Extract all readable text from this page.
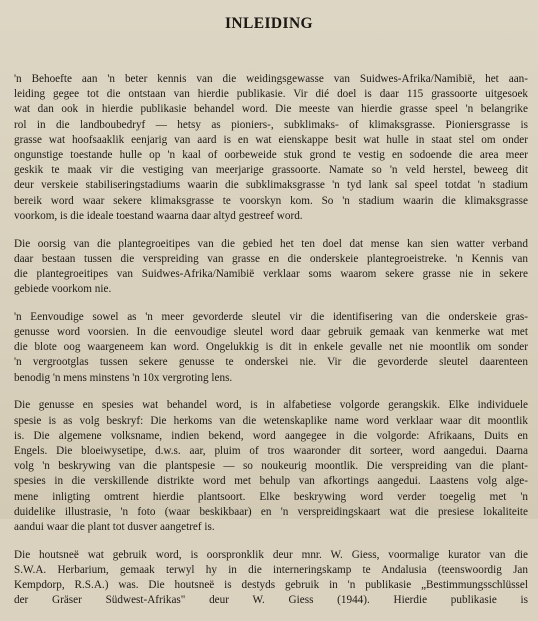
INLEIDING
'n Behoefte aan 'n beter kennis van die weidingsgewasse van Suidwes-Afrika/Namibië, het aan-
leiding gegee tot die ontstaan van hierdie publikasie. Vir dié doel is daar 115 grassoorte uitgesoek
wat dan ook in hierdie publikasie behandel word. Die meeste van hierdie grasse speel 'n belangrike
rol in die landboubedryf — hetsy as pioniers-, subklimaks- of klimaksgrasse. Pioniersgrasse is
grasse wat hoofsaaklik eenjarig van aard is en wat eienskappe besit wat hulle in staat stel om onder
ongunstige toestande hulle op 'n kaal of oorbeweide stuk grond te vestig en sodoende die area meer
geskik te maak vir die vestiging van meerjarige grassoorte. Namate so 'n veld herstel, beweeg dit
deur verskeie stabiliseringstadiums waarin die subklimaksgrasse 'n tyd lank sal speel totdat 'n stadium
bereik word waar sekere klimaksgrasse te voorskyn kom. So 'n stadium waarin die klimaksgrasse
voorkom, is die ideale toestand waarna daar altyd gestreef word.
Die oorsig van die plantegroeitipes van die gebied het ten doel dat mense kan sien watter verband
daar bestaan tussen die verspreiding van grasse en die onderskeie plantegroeistreke. 'n Kennis van
die plantegroeitipes van Suidwes-Afrika/Namibië verklaar soms waarom sekere grasse nie in sekere
gebiede voorkom nie.
'n Eenvoudige sowel as 'n meer gevorderde sleutel vir die identifisering van die onderskeie gras-
genusse word voorsien. In die eenvoudige sleutel word daar gebruik gemaak van kenmerke wat met
die blote oog waargeneem kan word. Ongelukkig is dit in enkele gevalle net nie moontlik om sonder
'n vergrootglas tussen sekere genusse te onderskei nie. Vir die gevorderde sleutel daarenteen
benodig 'n mens minstens 'n 10x vergroting lens.
Die genusse en spesies wat behandel word, is in alfabetiese volgorde gerangskik. Elke individuele
spesie is as volg beskryf: Die herkoms van die wetenskaplike name word verklaar waar dit moontlik
is. Die algemene volksname, indien bekend, word aangegee in die volgorde: Afrikaans, Duits en
Engels. Die bloeiwysetipe, d.w.s. aar, pluim of tros waaronder dit sorteer, word aangedui. Daarna
volg 'n beskrywing van die plantspesie — so noukeurig moontlik. Die verspreiding van die plant-
spesies in die verskillende distrikte word met behulp van afkortings aangedui. Laastens volg alge-
mene inligting omtrent hierdie plantsoort. Elke beskrywing word verder toegelig met 'n
duidelike illustrasie, 'n foto (waar beskikbaar) en 'n verspreidingskaart wat die presiese lokaliteite
aandui waar die plant tot dusver aangetref is.
Die houtsneë wat gebruik word, is oorspronklik deur mnr. W. Giess, voormalige kurator van die
S.W.A. Herbarium, gemaak terwyl hy in die interneringskamp te Andalusia (teenswoordig Jan
Kempdorp, R.S.A.) was. Die houtsneë is destyds gebruik in 'n publikasie „Bestimmungsschlüssel
der Gräser Südwest-Afrikas" deur W. Giess (1944). Hierdie publikasie is
